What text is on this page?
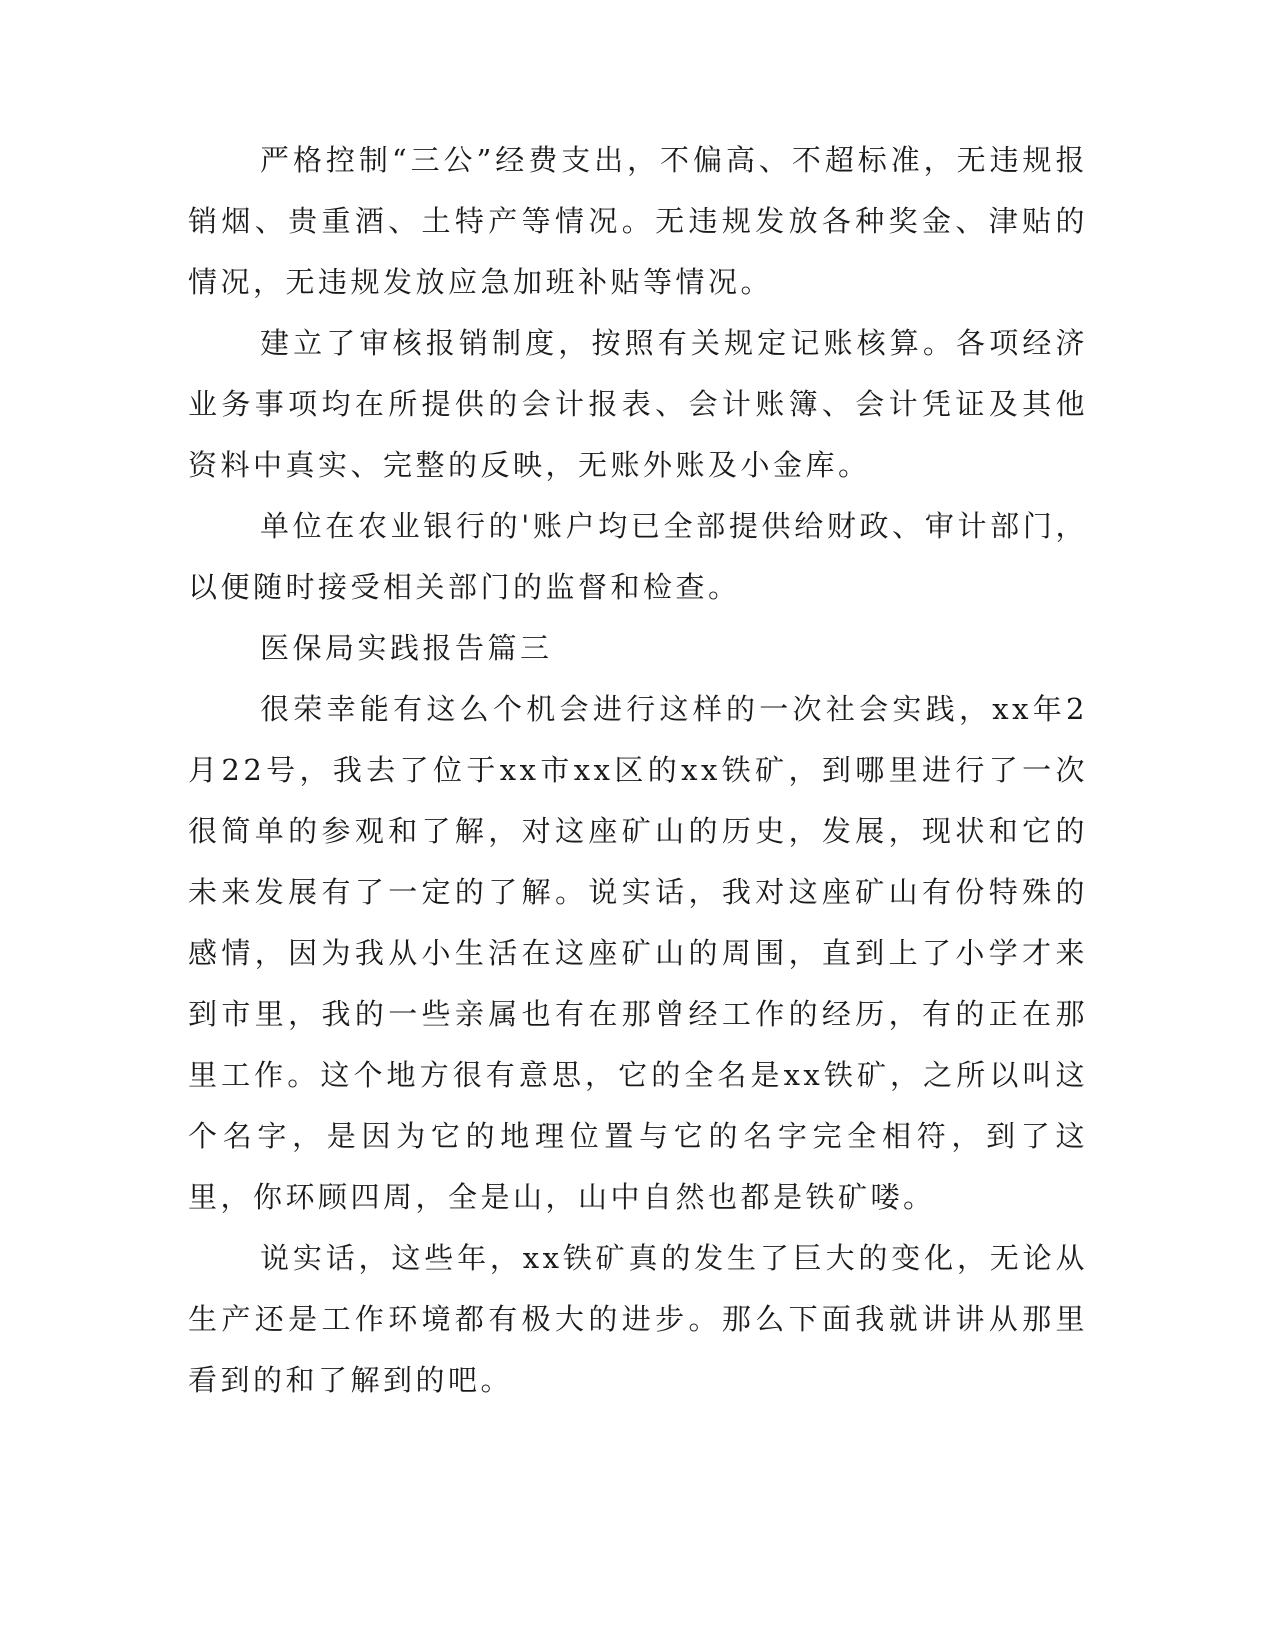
严格控制“三公”经费支出，不偏高、不超标准，无违规报销烟、贵重酒、土特产等情况。无违规发放各种奖金、津贴的情况，无违规发放应急加班补贴等情况。

建立了审核报销制度，按照有关规定记账核算。各项经济业务事项均在所提供的会计报表、会计账簿、会计凭证及其他资料中真实、完整的反映，无账外账及小金库。

单位在农业银行的'账户均已全部提供给财政、审计部门，以便随时接受相关部门的监督和检查。

医保局实践报告篇三

很荣幸能有这么个机会进行这样的一次社会实践，xx年2月22号，我去了位于xx市xx区的xx铁矿，到哪里进行了一次很简单的参观和了解，对这座矿山的历史，发展，现状和它的未来发展有了一定的了解。说实话，我对这座矿山有份特殊的感情，因为我从小生活在这座矿山的周围，直到上了小学才来到市里，我的一些亲属也有在那曾经工作的经历，有的正在那里工作。这个地方很有意思，它的全名是xx铁矿，之所以叫这个名字，是因为它的地理位置与它的名字完全相符，到了这里，你环顾四周，全是山，山中自然也都是铁矿喽。

说实话，这些年，xx铁矿真的发生了巨大的变化，无论从生产还是工作环境都有极大的进步。那么下面我就讲讲从那里看到的和了解到的吧。
